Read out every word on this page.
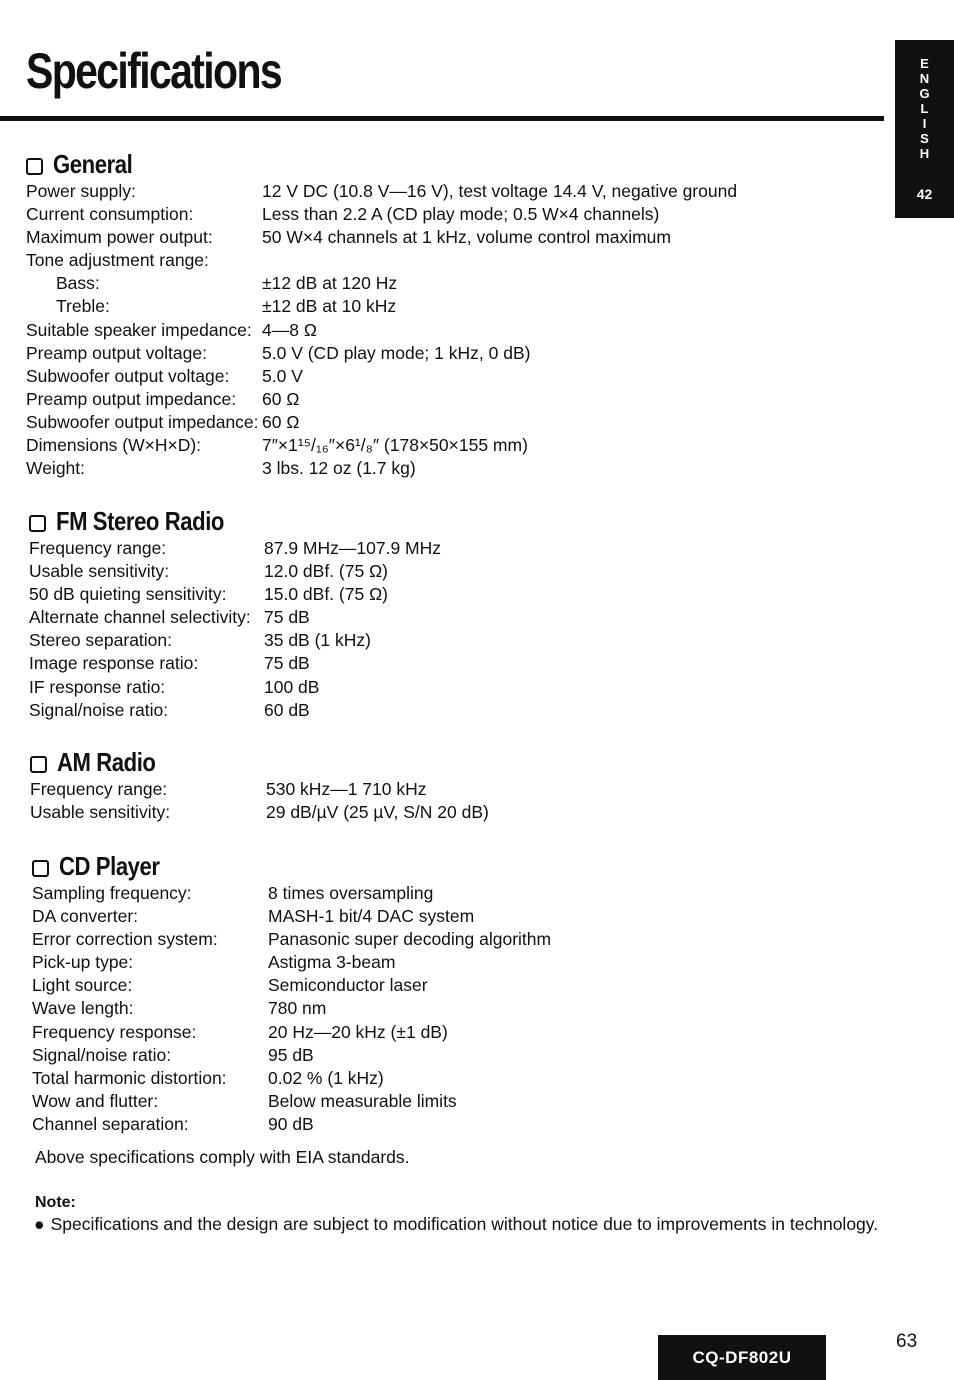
Specifications	E
N
G
L
I
S
H
42
General
Power supply:	12 V DC (10.8 V—16 V), test voltage 14.4 V, negative ground
Current consumption:	Less than 2.2 A (CD play mode; 0.5 W×4 channels)
Maximum power output:	50 W×4 channels at 1 kHz, volume control maximum
Tone adjustment range:
Bass:	±12 dB at 120 Hz
Treble:	±12 dB at 10 kHz
Suitable speaker impedance: 4—8 Ω
Preamp output voltage:	5.0 V (CD play mode; 1 kHz, 0 dB)
Subwoofer output voltage:	5.0 V
Preamp output impedance:	60 Ω
Subwoofer output impedance: 60 Ω
Dimensions (W×H×D):	7″×1¹⁵/₁₆″×6¹/₈″ (178×50×155 mm)
Weight:	3 lbs. 12 oz (1.7 kg)
FM Stereo Radio
Frequency range:	87.9 MHz—107.9 MHz
Usable sensitivity:	12.0 dBf. (75 Ω)
50 dB quieting sensitivity:	15.0 dBf. (75 Ω)
Alternate channel selectivity: 75 dB
Stereo separation:	35 dB (1 kHz)
Image response ratio:	75 dB
IF response ratio:	100 dB
Signal/noise ratio:	60 dB
AM Radio
Frequency range:	530 kHz—1 710 kHz
Usable sensitivity:	29 dB/µV (25 µV, S/N 20 dB)
CD Player
Sampling frequency:	8 times oversampling
DA converter:	MASH-1 bit/4 DAC system
Error correction system:	Panasonic super decoding algorithm
Pick-up type:	Astigma 3-beam
Light source:	Semiconductor laser
Wave length:	780 nm
Frequency response:	20 Hz—20 kHz (±1 dB)
Signal/noise ratio:	95 dB
Total harmonic distortion:	0.02 % (1 kHz)
Wow and flutter:	Below measurable limits
Channel separation:	90 dB
Above specifications comply with EIA standards.
Note:
● Specifications and the design are subject to modification without notice due to improvements in technology.
CQ-DF802U
63
